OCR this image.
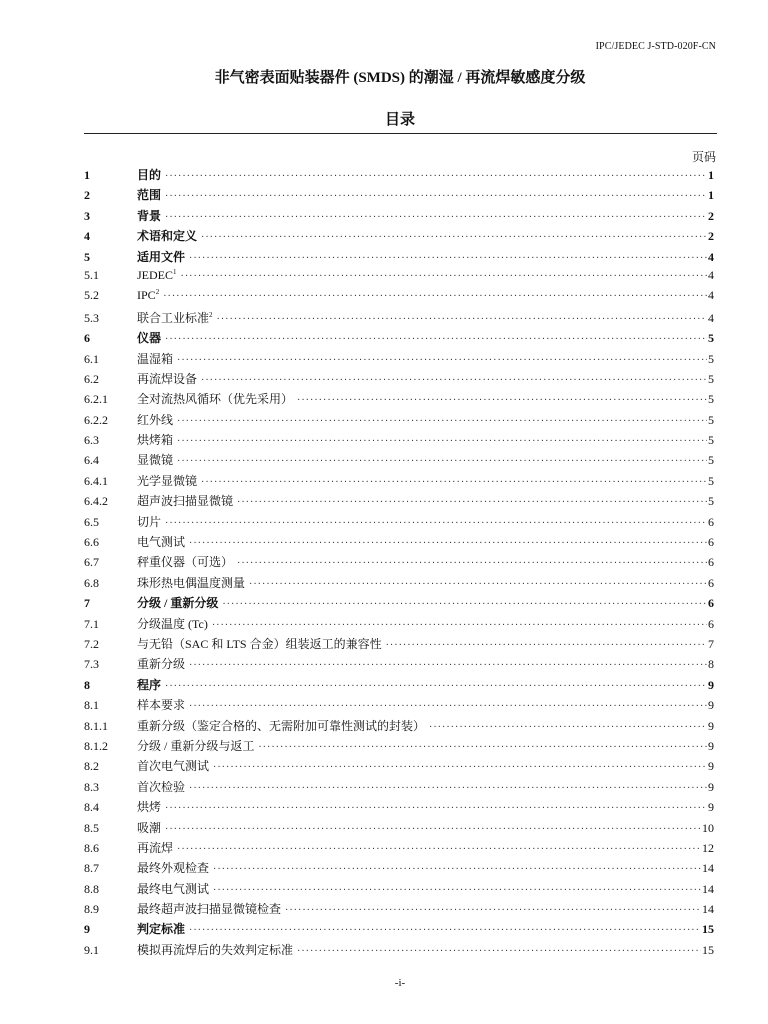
IPC/JEDEC J-STD-020F-CN
非气密表面贴装器件 (SMDS) 的潮湿 / 再流焊敏感度分级
目录
页码
1	目的 ·····	1
2	范围 ·····	1
3	背景 ·····	2
4	术语和定义 ·····	2
5	适用文件 ·····	4
5.1	$JEDEC^1$ ·····	4
5.2	$IPC^2$ ·····	4
5.3	联合工业标准$^2$ ·····	4
6	仪器 ·····	5
6.1	温湿箱 ·····	5
6.2	再流焊设备 ·····	5
6.2.1	全对流热风循环（优先采用） ·····	5
6.2.2	红外线 ·····	5
6.3	烘烤箱 ·····	5
6.4	显微镜 ·····	5
6.4.1	光学显微镜 ·····	5
6.4.2	超声波扫描显微镜 ·····	5
6.5	切片 ·····	6
6.6	电气测试 ·····	6
6.7	秤重仪器（可选） ·····	6
6.8	珠形热电偶温度测量 ·····	6
7	分级 / 重新分级 ·····	6
7.1	分级温度 (Tc) ·····	6
7.2	与无铅（SAC 和 LTS 合金）组装返工的兼容性 ·····	7
7.3	重新分级 ·····	8
8	程序 ·····	9
8.1	样本要求 ·····	9
8.1.1	重新分级（鉴定合格的、无需附加可靠性测试的封装） ·····	9
8.1.2	分级 / 重新分级与返工 ·····	9
8.2	首次电气测试 ·····	9
8.3	首次检验 ·····	9
8.4	烘烤 ·····	9
8.5	吸潮 ·····	10
8.6	再流焊 ·····	12
8.7	最终外观检查 ·····	14
8.8	最终电气测试 ·····	14
8.9	最终超声波扫描显微镜检查 ·····	14
9	判定标准 ·····	15
9.1	模拟再流焊后的失效判定标准 ·····	15
-i-
